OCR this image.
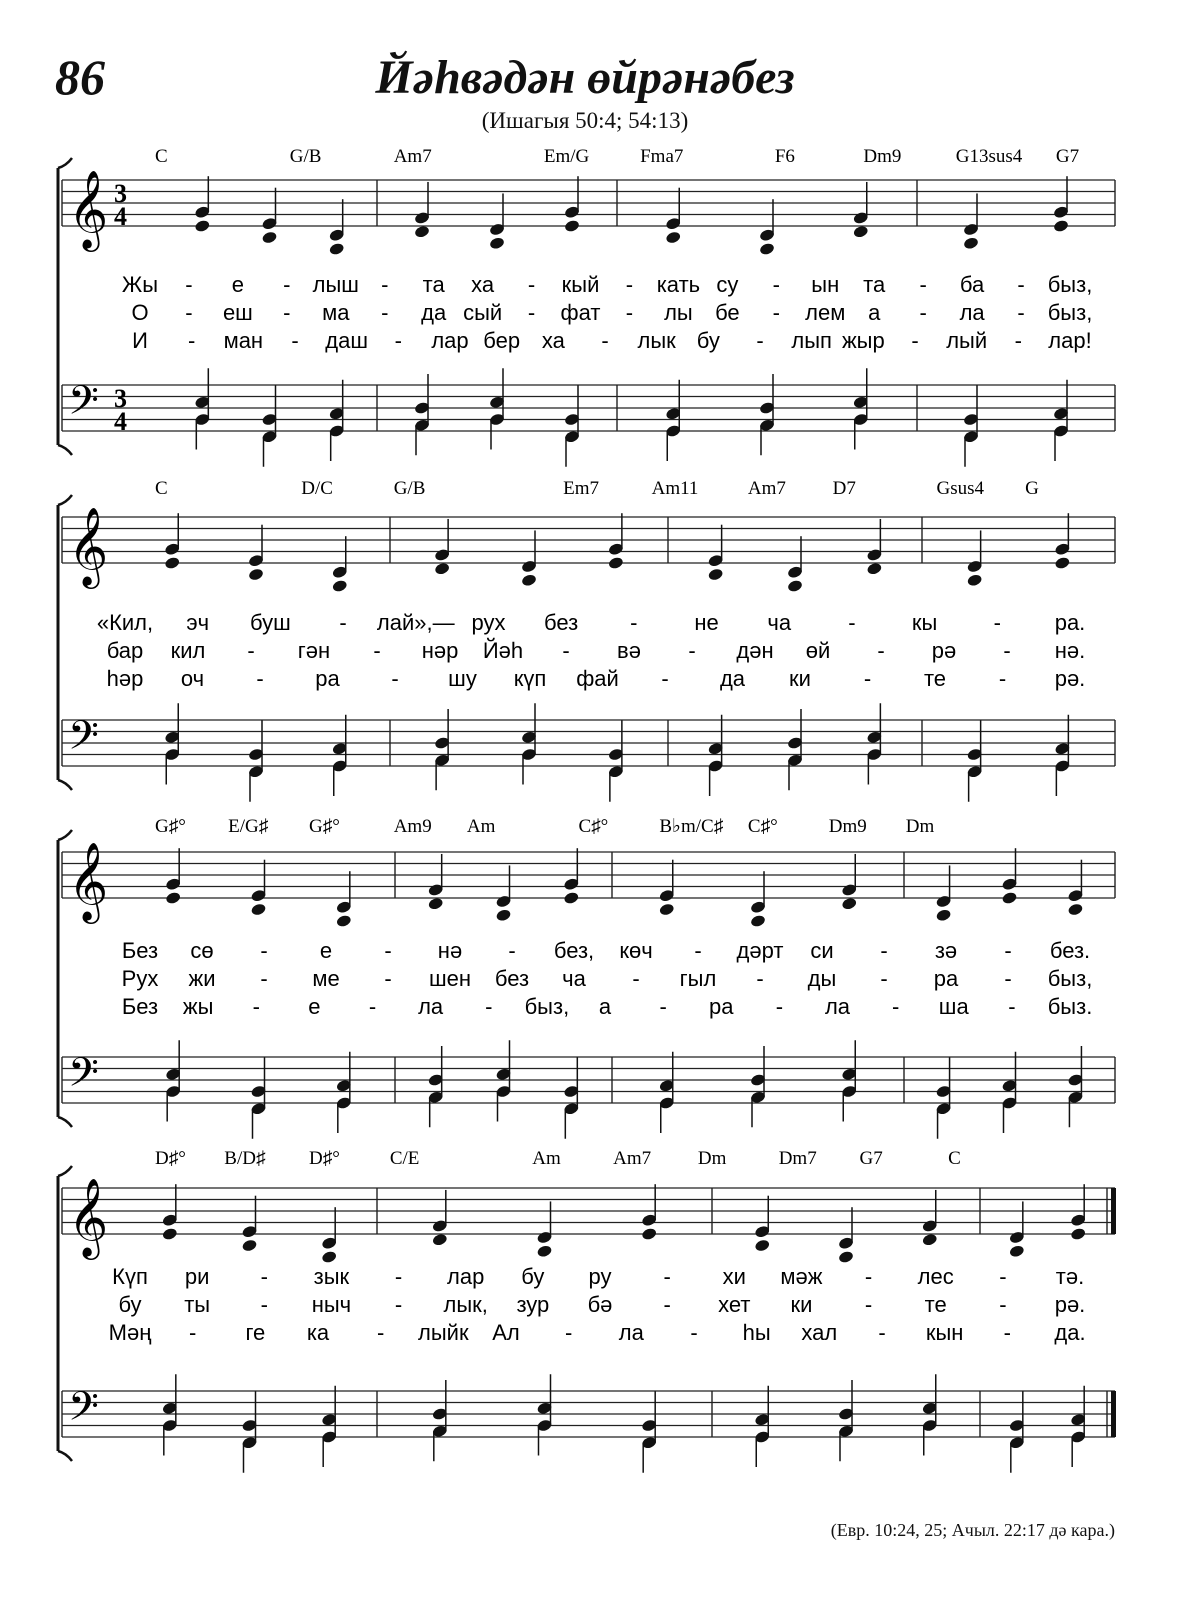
86	Йәһвәдән өйрәнәбез
(Ишагыя 50:4; 54:13)
𝄞 3
4
𝄢 3
4
C	G/B	Am7	Em/G	Fma7	F6	Dm9	G13sus4 G7
Жы - е - лыш - та ха - кый - кать су - ын та - ба - быз,
О - еш - ма - да сый - фат - лы бе - лем а - ла - быз,
И - ман - даш - лар бер ха - лык бу - лып жыр - лый - лар!
𝄞
𝄢
C	D/C	G/B	Em7	Am11	Am7 D7	Gsus4 G
«Кил, эч буш - лай»,— рух без -	не ча	-	кы	- ра.
бар кил - гән - нәр Йәһ - вә - дән өй - рә - нә.
һәр оч - ра - шу күп фай - да ки - те - рә.
𝄞
𝄢
G♯° E/G♯ G♯°	Am9 Am	C♯°	B♭m/C♯ C♯°	Dm9 Dm
Без сө - е - нә - без, көч - дәрт си - зә - без.
Рух жи - ме - шен без ча - гыл - ды - ра - быз,
Без жы - е - ла - быз, а - ра - ла - ша - быз.
𝄞
𝄢
D♯° B/D♯ D♯°	C/E	Am	Am7 Dm	Dm7 G7	C
Күп ри - зык - лар бу ру - хи мәж - лес - тә.
бу ты - ныч - лык, зур бә - хет ки - те - рә.
Мәң - ге ка - лыйк Ал - ла - һы хал - кын - да.
(Евр. 10:24, 25; Ачыл. 22:17 дә кара.)
